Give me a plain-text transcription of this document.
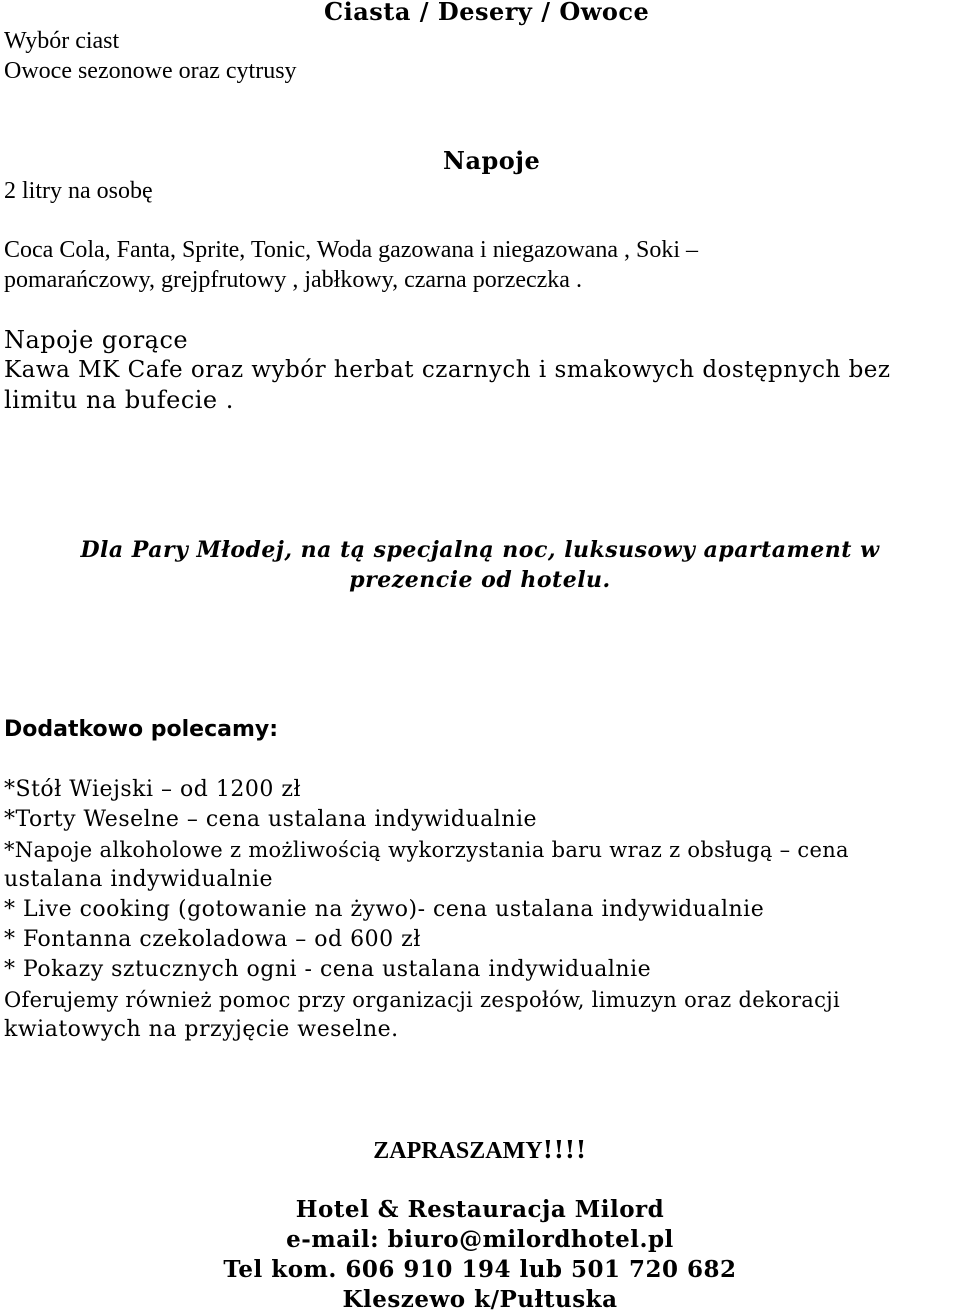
Ciasta / Desery / Owoce
Wybór ciast
Owoce sezonowe oraz cytrusy
Napoje
2 litry na osobę
Coca Cola, Fanta, Sprite, Tonic, Woda gazowana i niegazowana , Soki –
pomarańczowy, grejpfrutowy , jabłkowy, czarna porzeczka .
Napoje gorące
Kawa MK Cafe oraz wybór herbat czarnych i smakowych dostępnych bez
limitu na bufecie .
Dla Pary Młodej, na tą specjalną noc, luksusowy apartament w
prezencie od hotelu.
Dodatkowo polecamy:
*Stół Wiejski – od 1200 zł
*Torty Weselne – cena ustalana indywidualnie
*Napoje alkoholowe z możliwością wykorzystania baru wraz z obsługą – cena
ustalana indywidualnie
* Live cooking (gotowanie na żywo)- cena ustalana indywidualnie
* Fontanna czekoladowa – od 600 zł
* Pokazy sztucznych ogni - cena ustalana indywidualnie
Oferujemy również pomoc przy organizacji zespołów, limuzyn oraz dekoracji
kwiatowych na przyjęcie weselne.
ZAPRASZAMY!!!!
Hotel & Restauracja Milord
e-mail: biuro@milordhotel.pl
Tel kom. 606 910 194 lub 501 720 682
Kleszewo k/Pułtuska
